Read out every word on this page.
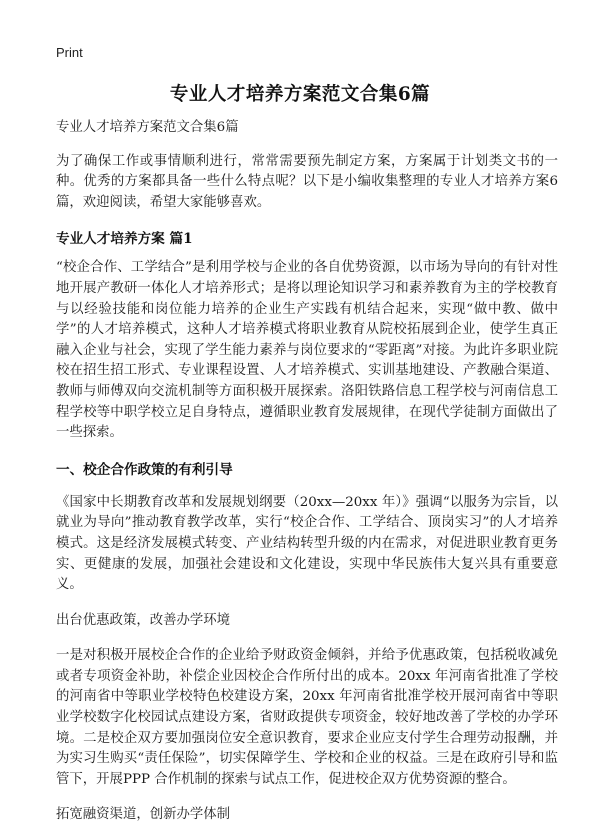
Print
专业人才培养方案范文合集6篇

专业人才培养方案范文合集6篇

为了确保工作或事情顺利进行，常常需要预先制定方案，方案属于计划类文书的一种。优秀的方案都具备一些什么特点呢？以下是小编收集整理的专业人才培养方案6篇，欢迎阅读，希望大家能够喜欢。

专业人才培养方案 篇1

“校企合作、工学结合”是利用学校与企业的各自优势资源，以市场为导向的有针对性地开展产教研一体化人才培养形式；是将以理论知识学习和素养教育为主的学校教育与以经验技能和岗位能力培养的企业生产实践有机结合起来，实现“做中教、做中学”的人才培养模式，这种人才培养模式将职业教育从院校拓展到企业，使学生真正融入企业与社会，实现了学生能力素养与岗位要求的“零距离”对接。为此许多职业院校在招生招工形式、专业课程设置、人才培养模式、实训基地建设、产教融合渠道、教师与师傅双向交流机制等方面积极开展探索。洛阳铁路信息工程学校与河南信息工程学校等中职学校立足自身特点，遵循职业教育发展规律，在现代学徒制方面做出了一些探索。

一、校企合作政策的有利引导

《国家中长期教育改革和发展规划纲要（20xx—20xx 年）》强调“以服务为宗旨，以就业为导向”推动教育教学改革，实行“校企合作、工学结合、顶岗实习”的人才培养模式。这是经济发展模式转变、产业结构转型升级的内在需求，对促进职业教育更务实、更健康的发展，加强社会建设和文化建设，实现中华民族伟大复兴具有重要意义。

出台优惠政策，改善办学环境

一是对积极开展校企合作的企业给予财政资金倾斜，并给予优惠政策，包括税收减免或者专项资金补助，补偿企业因校企合作所付出的成本。20xx 年河南省批准了学校的河南省中等职业学校特色校建设方案，20xx 年河南省批准学校开展河南省中等职业学校数字化校园试点建设方案，省财政提供专项资金，较好地改善了学校的办学环境。二是校企双方要加强岗位安全意识教育，要求企业应支付学生合理劳动报酬，并为实习生购买“责任保险”，切实保障学生、学校和企业的权益。三是在政府引导和监管下，开展PPP 合作机制的探索与试点工作，促进校企双方优势资源的整合。

拓宽融资渠道，创新办学体制
